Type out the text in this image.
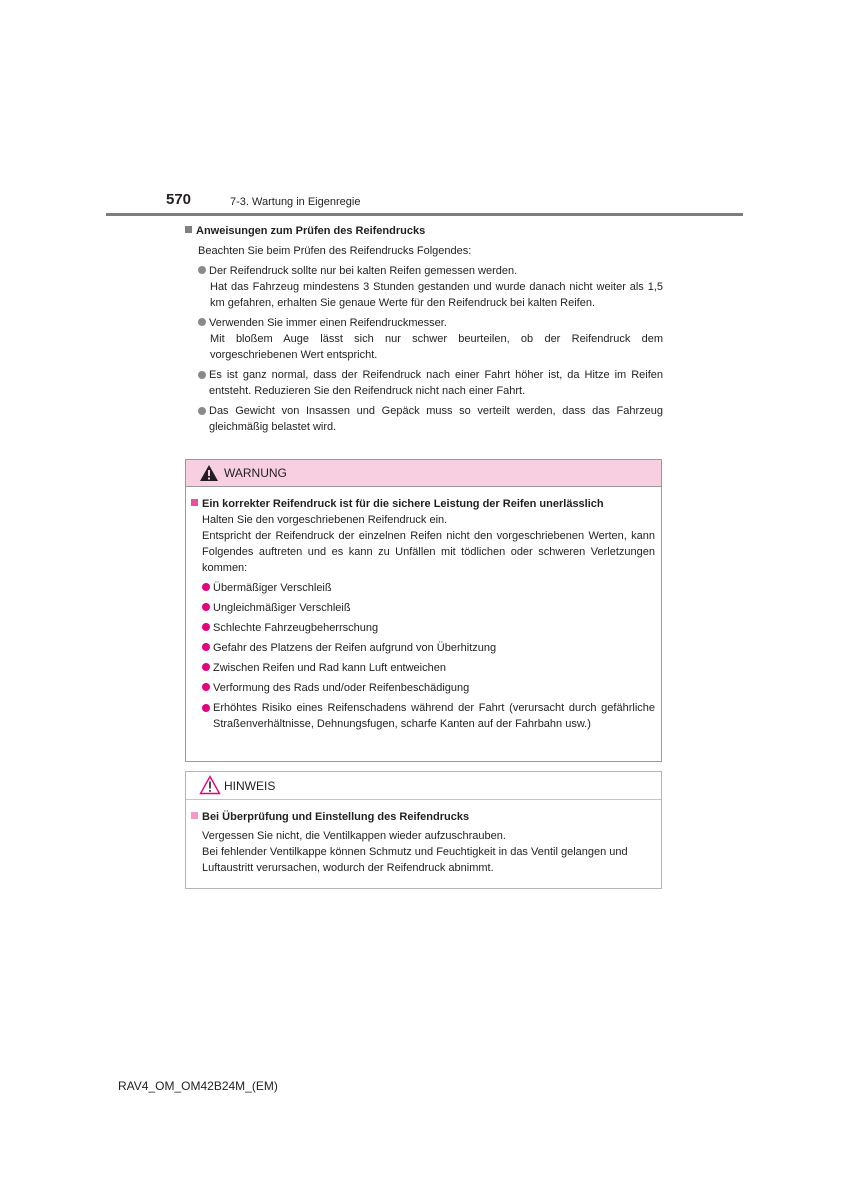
570	7-3. Wartung in Eigenregie
Anweisungen zum Prüfen des Reifendrucks
Beachten Sie beim Prüfen des Reifendrucks Folgendes:
Der Reifendruck sollte nur bei kalten Reifen gemessen werden.
Hat das Fahrzeug mindestens 3 Stunden gestanden und wurde danach nicht weiter als 1,5 km gefahren, erhalten Sie genaue Werte für den Reifendruck bei kalten Reifen.
Verwenden Sie immer einen Reifendruckmesser.
Mit bloßem Auge lässt sich nur schwer beurteilen, ob der Reifendruck dem vorgeschriebenen Wert entspricht.
Es ist ganz normal, dass der Reifendruck nach einer Fahrt höher ist, da Hitze im Reifen entsteht. Reduzieren Sie den Reifendruck nicht nach einer Fahrt.
Das Gewicht von Insassen und Gepäck muss so verteilt werden, dass das Fahrzeug gleichmäßig belastet wird.
WARNUNG
Ein korrekter Reifendruck ist für die sichere Leistung der Reifen unerlässlich
Halten Sie den vorgeschriebenen Reifendruck ein.
Entspricht der Reifendruck der einzelnen Reifen nicht den vorgeschriebenen Werten, kann Folgendes auftreten und es kann zu Unfällen mit tödlichen oder schweren Verletzungen kommen:
Übermäßiger Verschleiß
Ungleichmäßiger Verschleiß
Schlechte Fahrzeugbeherrschung
Gefahr des Platzens der Reifen aufgrund von Überhitzung
Zwischen Reifen und Rad kann Luft entweichen
Verformung des Rads und/oder Reifenbeschädigung
Erhöhtes Risiko eines Reifenschadens während der Fahrt (verursacht durch gefährliche Straßenverhältnisse, Dehnungsfugen, scharfe Kanten auf der Fahrbahn usw.)
HINWEIS
Bei Überprüfung und Einstellung des Reifendrucks
Vergessen Sie nicht, die Ventilkappen wieder aufzuschrauben.
Bei fehlender Ventilkappe können Schmutz und Feuchtigkeit in das Ventil gelangen und Luftaustritt verursachen, wodurch der Reifendruck abnimmt.
RAV4_OM_OM42B24M_(EM)
